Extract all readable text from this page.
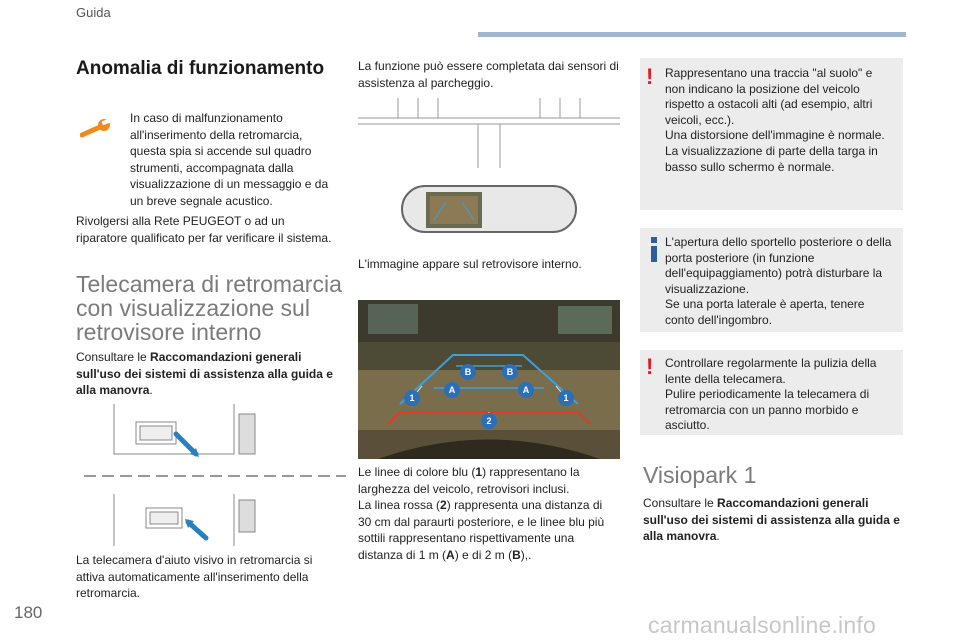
Guida
Anomalia di funzionamento
In caso di malfunzionamento all'inserimento della retromarcia, questa spia si accende sul quadro strumenti, accompagnata dalla visualizzazione di un messaggio e da un breve segnale acustico.
Rivolgersi alla Rete PEUGEOT o ad un riparatore qualificato per far verificare il sistema.
Telecamera di retromarcia
con visualizzazione sul
retrovisore interno
Consultare le Raccomandazioni generali sull'uso dei sistemi di assistenza alla guida e alla manovra.
La telecamera d'aiuto visivo in retromarcia si attiva automaticamente all'inserimento della retromarcia.
La funzione può essere completata dai sensori di assistenza al parcheggio.
L'immagine appare sul retrovisore interno.
1	1
A	A
B	B
2
Le linee di colore blu (1) rappresentano la larghezza del veicolo, retrovisori inclusi.
La linea rossa (2) rappresenta una distanza di 30 cm dal paraurti posteriore, e le linee blu più sottili rappresentano rispettivamente una distanza di 1 m (A) e di 2 m (B),.
! Rappresentano una traccia "al suolo" e non indicano la posizione del veicolo rispetto a ostacoli alti (ad esempio, altri veicoli, ecc.).
Una distorsione dell'immagine è normale.
La visualizzazione di parte della targa in basso sullo schermo è normale.
L'apertura dello sportello posteriore o della porta posteriore (in funzione dell'equipaggiamento) potrà disturbare la visualizzazione.
Se una porta laterale è aperta, tenere conto dell'ingombro.
! Controllare regolarmente la pulizia della lente della telecamera.
Pulire periodicamente la telecamera di retromarcia con un panno morbido e asciutto.
Visiopark 1
Consultare le Raccomandazioni generali sull'uso dei sistemi di assistenza alla guida e alla manovra.
180	carmanualsonline.info
